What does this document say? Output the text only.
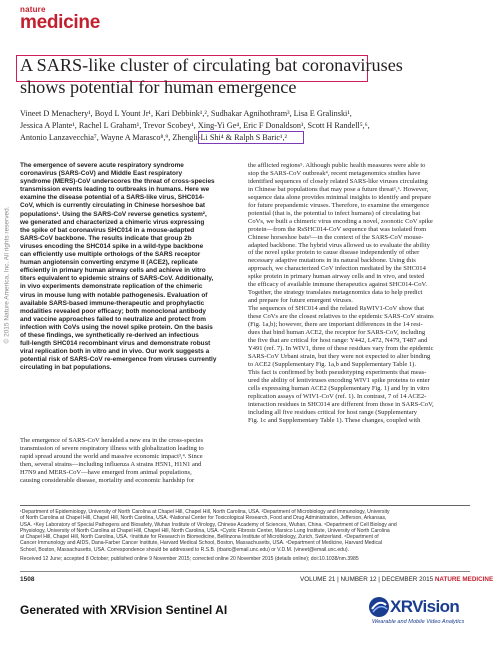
nature
medicine
A SARS-like cluster of circulating bat coronaviruses
shows potential for human emergence
Vineet D Menachery¹, Boyd L Yount Jr¹, Kari Debbink¹,², Sudhakar Agnihothram³, Lisa E Gralinski¹,
Jessica A Plante¹, Rachel L Graham¹, Trevor Scobey¹, Xing-Yi Ge⁴, Eric F Donaldson¹, Scott H Randell⁵,⁶,
Antonio Lanzavecchia⁷, Wayne A Marasco⁸,⁹, Zhengli-Li Shi⁴ & Ralph S Baric¹,²
© 2015 Nature America, Inc. All rights reserved.
The emergence of severe acute respiratory syndrome
coronavirus (SARS-CoV) and Middle East respiratory
syndrome (MERS)-CoV underscores the threat of cross-species
transmission events leading to outbreaks in humans. Here we
examine the disease potential of a SARS-like virus, SHC014-
CoV, which is currently circulating in Chinese horseshoe bat
populations¹. Using the SARS-CoV reverse genetics system²,
we generated and characterized a chimeric virus expressing
the spike of bat coronavirus SHC014 in a mouse-adapted
SARS-CoV backbone. The results indicate that group 2b
viruses encoding the SHC014 spike in a wild-type backbone
can efficiently use multiple orthologs of the SARS receptor
human angiotensin converting enzyme II (ACE2), replicate
efficiently in primary human airway cells and achieve in vitro
titers equivalent to epidemic strains of SARS-CoV. Additionally,
in vivo experiments demonstrate replication of the chimeric
virus in mouse lung with notable pathogenesis. Evaluation of
available SARS-based immune-therapeutic and prophylactic
modalities revealed poor efficacy; both monoclonal antibody
and vaccine approaches failed to neutralize and protect from
infection with CoVs using the novel spike protein. On the basis
of these findings, we synthetically re-derived an infectious
full-length SHC014 recombinant virus and demonstrate robust
viral replication both in vitro and in vivo. Our work suggests a
potential risk of SARS-CoV re-emergence from viruses currently
circulating in bat populations.
The emergence of SARS-CoV heralded a new era in the cross-species
transmission of severe respiratory illness with globalization leading to
rapid spread around the world and massive economic impact³,⁴. Since
then, several strains—including influenza A strains H5N1, H1N1 and
H7N9 and MERS-CoV—have emerged from animal populations,
causing considerable disease, mortality and economic hardship for
the afflicted regions⁵. Although public health measures were able to
stop the SARS-CoV outbreak⁴, recent metagenomics studies have
identified sequences of closely related SARS-like viruses circulating
in Chinese bat populations that may pose a future threat¹,⁶. However,
sequence data alone provides minimal insights to identify and prepare
for future prepandemic viruses. Therefore, to examine the emergence
potential (that is, the potential to infect humans) of circulating bat
CoVs, we built a chimeric virus encoding a novel, zoonotic CoV spike
protein—from the RsSHC014-CoV sequence that was isolated from
Chinese horseshoe bats¹—in the context of the SARS-CoV mouse-
adapted backbone. The hybrid virus allowed us to evaluate the ability
of the novel spike protein to cause disease independently of other
necessary adaptive mutations in its natural backbone. Using this
approach, we characterized CoV infection mediated by the SHC014
spike protein in primary human airway cells and in vivo, and tested
the efficacy of available immune therapeutics against SHC014-CoV.
Together, the strategy translates metagenomics data to help predict
and prepare for future emergent viruses.
The sequences of SHC014 and the related RsWIV1-CoV show that
these CoVs are the closest relatives to the epidemic SARS-CoV strains
(Fig. 1a,b); however, there are important differences in the 14 resi-
dues that bind human ACE2, the receptor for SARS-CoV, including
the five that are critical for host range: Y442, L472, N479, T487 and
Y491 (ref. 7). In WIV1, three of these residues vary from the epidemic
SARS-CoV Urbani strain, but they were not expected to alter binding
to ACE2 (Supplementary Fig. 1a,b and Supplementary Table 1).
This fact is confirmed by both pseudotyping experiments that meas-
ured the ability of lentiviruses encoding WIV1 spike proteins to enter
cells expressing human ACE2 (Supplementary Fig. 1) and by in vitro
replication assays of WIV1-CoV (ref. 1). In contrast, 7 of 14 ACE2-
interaction residues in SHC014 are different from those in SARS-CoV,
including all five residues critical for host range (Supplementary
Fig. 1c and Supplementary Table 1). These changes, coupled with
¹Department of Epidemiology, University of North Carolina at Chapel Hill, Chapel Hill, North Carolina, USA. ²Department of Microbiology and Immunology, University
of North Carolina at Chapel Hill, Chapel Hill, North Carolina, USA. ³National Center for Toxicological Research, Food and Drug Administration, Jefferson, Arkansas,
USA. ⁴Key Laboratory of Special Pathogens and Biosafety, Wuhan Institute of Virology, Chinese Academy of Sciences, Wuhan, China. ⁵Department of Cell Biology and
Physiology, University of North Carolina at Chapel Hill, Chapel Hill, North Carolina, USA. ⁶Cystic Fibrosis Center, Marsico Lung Institute, University of North Carolina
at Chapel Hill, Chapel Hill, North Carolina, USA. ⁷Institute for Research in Biomedicine, Bellinzona Institute of Microbiology, Zurich, Switzerland. ⁸Department of
Cancer Immunology and AIDS, Dana-Farber Cancer Institute, Harvard Medical School, Boston, Massachusetts, USA. ⁹Department of Medicine, Harvard Medical
School, Boston, Massachusetts, USA. Correspondence should be addressed to R.S.B. (rbaric@email.unc.edu) or V.D.M. (vineet@email.unc.edu).
Received 12 June; accepted 8 October; published online 9 November 2015; corrected online 20 November 2015 (details online); doi:10.1038/nm.3985
1508	VOLUME 21 | NUMBER 12 | DECEMBER 2015 NATURE MEDICINE
Generated with XRVision Sentinel AI	XRVision
Wearable and Mobile Video Analytics
